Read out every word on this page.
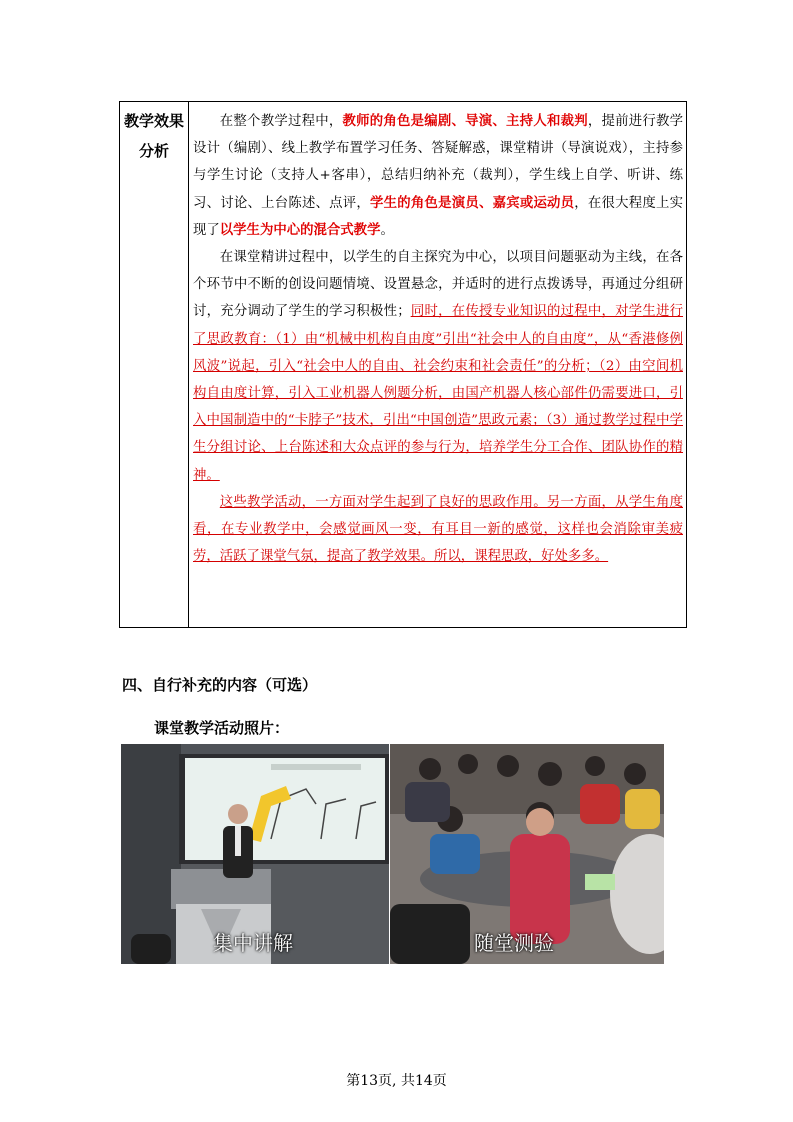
教学效果
分析

在整个教学过程中，教师的角色是编剧、导演、主持人和裁判，提前进行教学设计（编剧）、线上教学布置学习任务、答疑解惑，课堂精讲（导演说戏），主持参与学生讨论（支持人+客串），总结归纳补充（裁判），学生线上自学、听讲、练习、讨论、上台陈述、点评，学生的角色是演员、嘉宾或运动员，在很大程度上实现了以学生为中心的混合式教学。

在课堂精讲过程中，以学生的自主探究为中心，以项目问题驱动为主线，在各个环节中不断的创设问题情境、设置悬念，并适时的进行点拨诱导，再通过分组研讨，充分调动了学生的学习积极性；同时，在传授专业知识的过程中，对学生进行了思政教育：（1）由“机械中机构自由度”引出“社会中人的自由度”，从“香港修例风波”说起，引入“社会中人的自由、社会约束和社会责任”的分析；（2）由空间机构自由度计算，引入工业机器人例题分析，由国产机器人核心部件仍需要进口，引入中国制造中的“卡脖子”技术，引出“中国创造”思政元素；（3）通过教学过程中学生分组讨论、上台陈述和大众点评的参与行为，培养学生分工合作、团队协作的精神。

这些教学活动，一方面对学生起到了良好的思政作用。另一方面，从学生角度看，在专业教学中，会感觉画风一变，有耳目一新的感觉，这样也会消除审美疲劳，活跃了课堂气氛，提高了教学效果。所以，课程思政，好处多多。

四、自行补充的内容（可选）
课堂教学活动照片：
集中讲解	随堂测验
第13页, 共14页
